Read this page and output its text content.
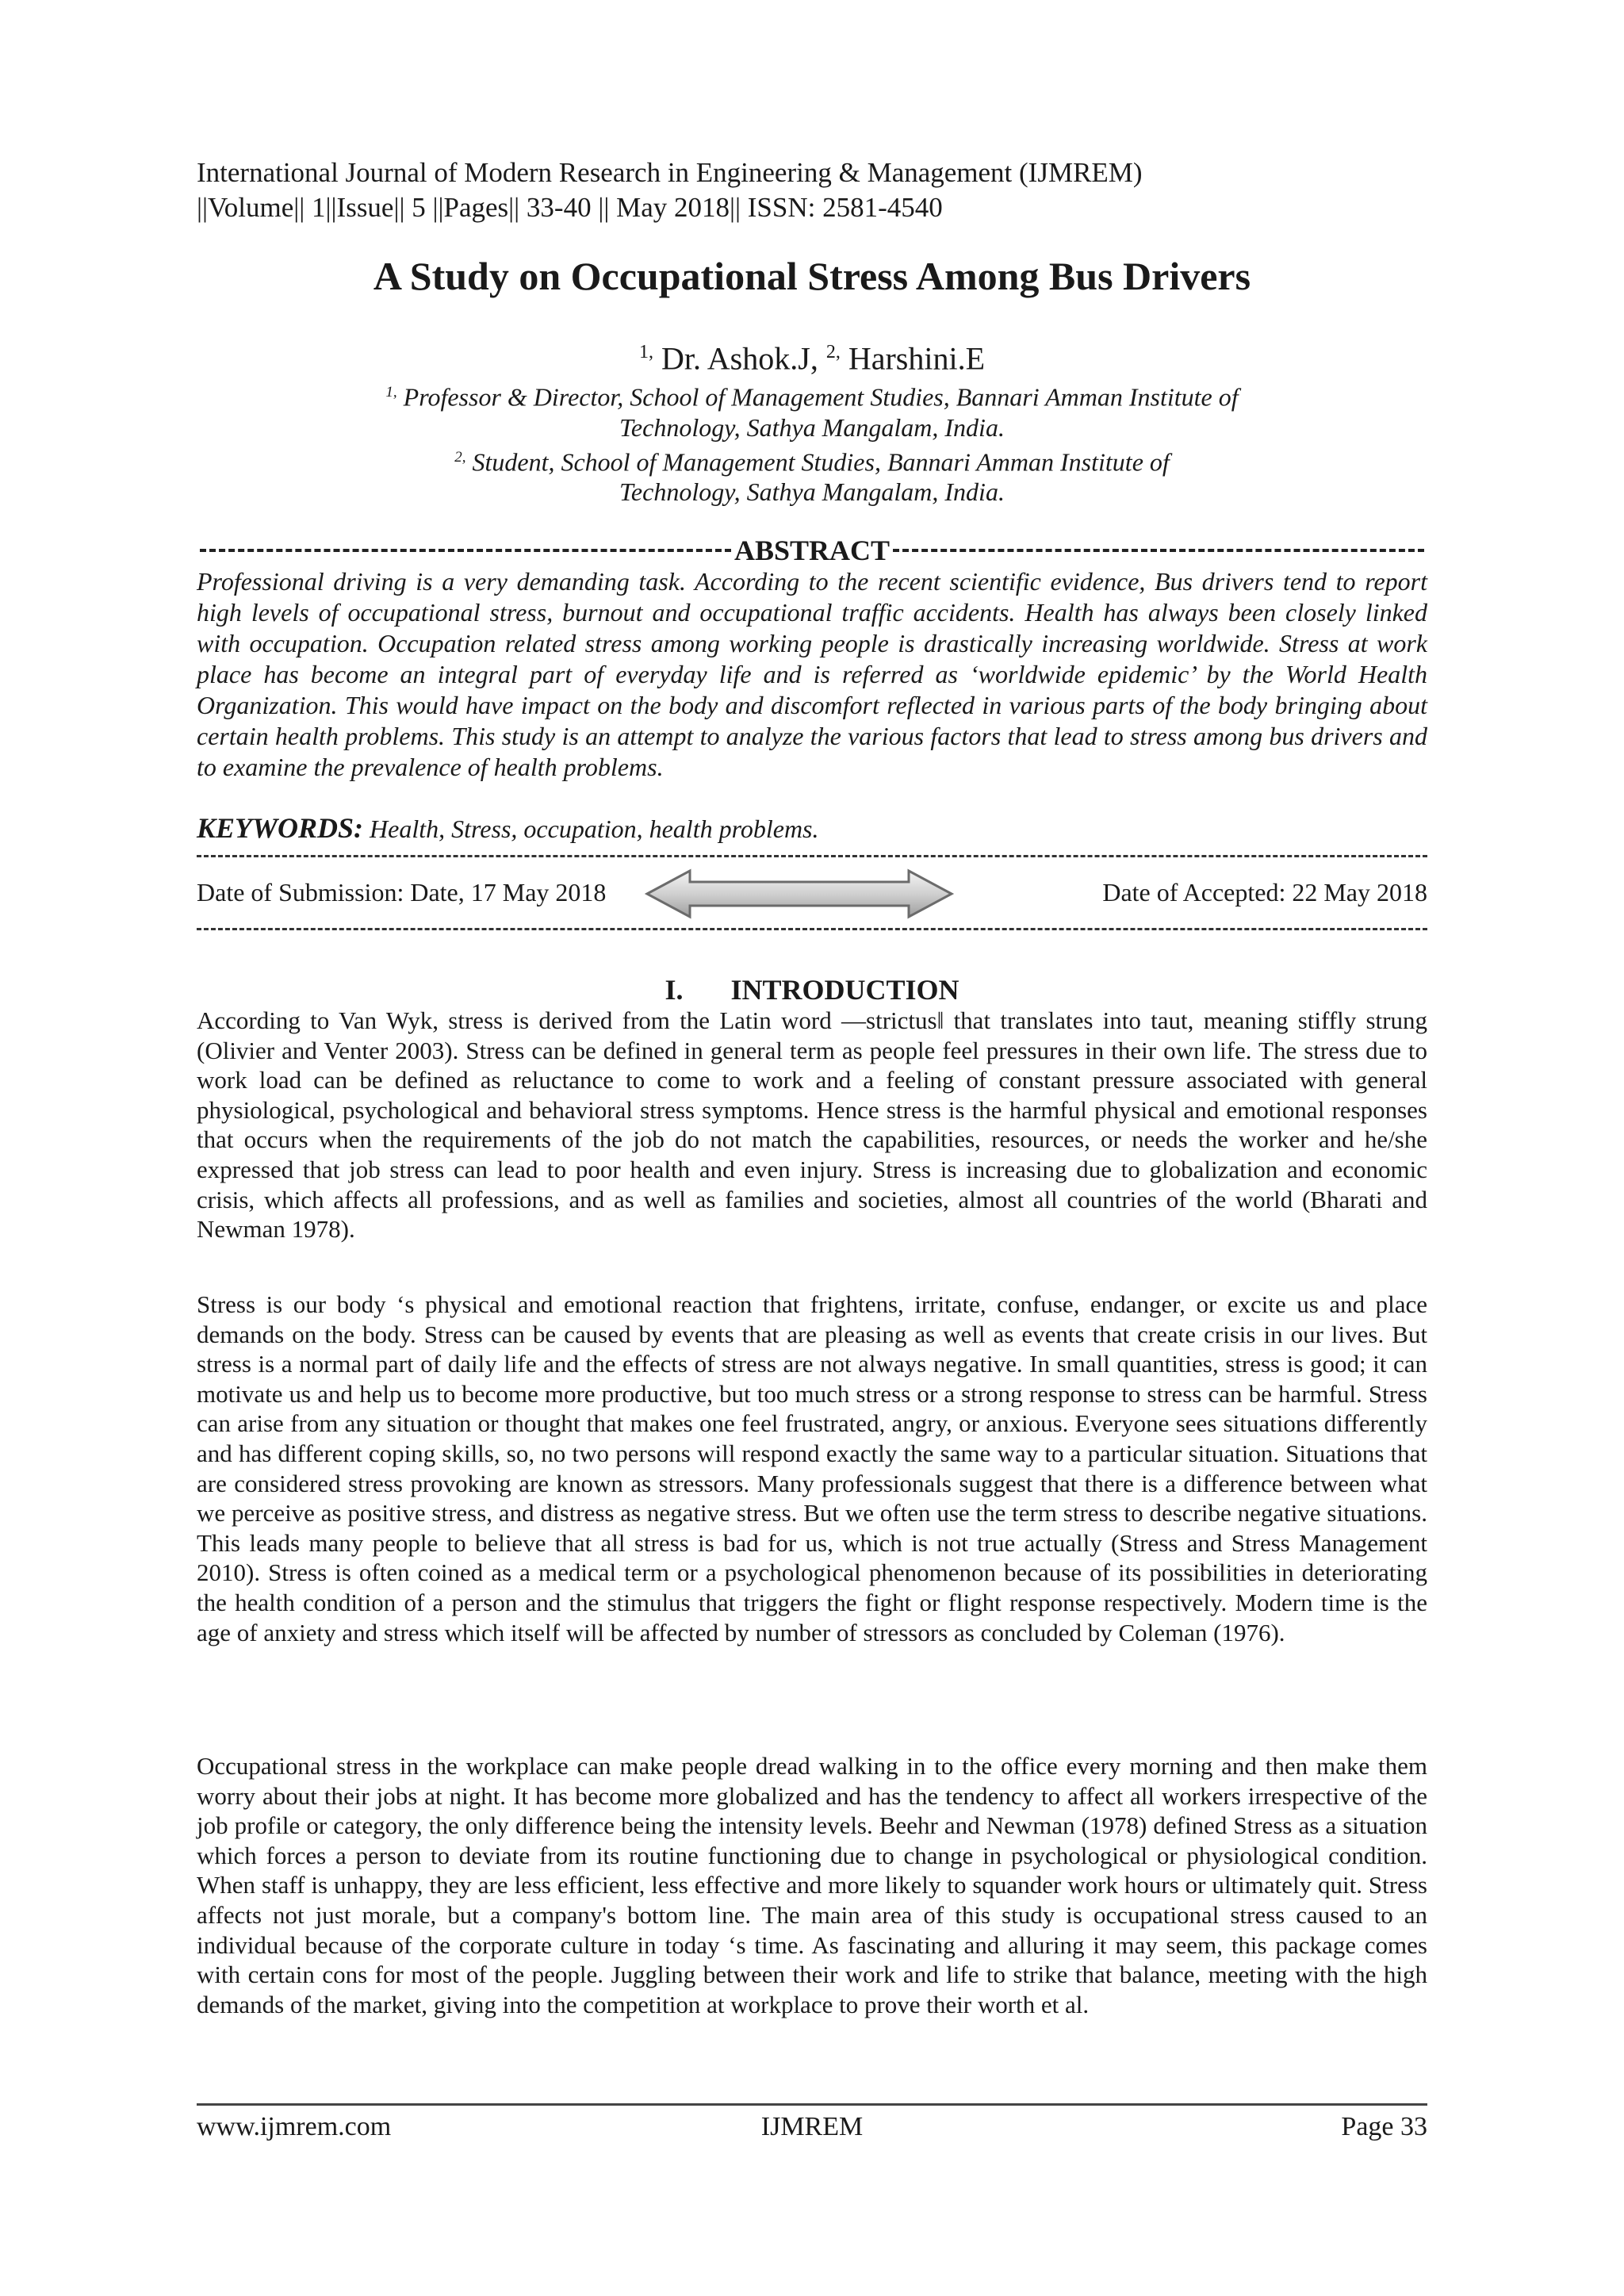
International Journal of Modern Research in Engineering & Management (IJMREM)
||Volume|| 1||Issue|| 5 ||Pages|| 33-40 || May 2018|| ISSN: 2581-4540
A Study on Occupational Stress Among Bus Drivers
$^{1,}$ Dr. Ashok.J, $^{2,}$ Harshini.E
$^{1,}$ Professor & Director, School of Management Studies, Bannari Amman Institute of
Technology, Sathya Mangalam, India.
$^{2,}$ Student, School of Management Studies, Bannari Amman Institute of
Technology, Sathya Mangalam, India.
ABSTRACT
Professional driving is a very demanding task. According to the recent scientific evidence, Bus drivers tend to report high levels of occupational stress, burnout and occupational traffic accidents. Health has always been closely linked with occupation. Occupation related stress among working people is drastically increasing worldwide. Stress at work place has become an integral part of everyday life and is referred as ‘worldwide epidemic’ by the World Health Organization. This would have impact on the body and discomfort reflected in various parts of the body bringing about certain health problems. This study is an attempt to analyze the various factors that lead to stress among bus drivers and to examine the prevalence of health problems.
KEYWORDS: Health, Stress, occupation, health problems.
Date of Submission: Date, 17 May 2018	Date of Accepted: 22 May 2018
I. INTRODUCTION
According to Van Wyk, stress is derived from the Latin word ―strictus‖ that translates into taut, meaning stiffly strung (Olivier and Venter 2003). Stress can be defined in general term as people feel pressures in their own life. The stress due to work load can be defined as reluctance to come to work and a feeling of constant pressure associated with general physiological, psychological and behavioral stress symptoms. Hence stress is the harmful physical and emotional responses that occurs when the requirements of the job do not match the capabilities, resources, or needs the worker and he/she expressed that job stress can lead to poor health and even injury. Stress is increasing due to globalization and economic crisis, which affects all professions, and as well as families and societies, almost all countries of the world (Bharati and Newman 1978).
Stress is our body ‘s physical and emotional reaction that frightens, irritate, confuse, endanger, or excite us and place demands on the body. Stress can be caused by events that are pleasing as well as events that create crisis in our lives. But stress is a normal part of daily life and the effects of stress are not always negative. In small quantities, stress is good; it can motivate us and help us to become more productive, but too much stress or a strong response to stress can be harmful. Stress can arise from any situation or thought that makes one feel frustrated, angry, or anxious. Everyone sees situations differently and has different coping skills, so, no two persons will respond exactly the same way to a particular situation. Situations that are considered stress provoking are known as stressors. Many professionals suggest that there is a difference between what we perceive as positive stress, and distress as negative stress. But we often use the term stress to describe negative situations. This leads many people to believe that all stress is bad for us, which is not true actually (Stress and Stress Management 2010). Stress is often coined as a medical term or a psychological phenomenon because of its possibilities in deteriorating the health condition of a person and the stimulus that triggers the fight or flight response respectively. Modern time is the age of anxiety and stress which itself will be affected by number of stressors as concluded by Coleman (1976).
Occupational stress in the workplace can make people dread walking in to the office every morning and then make them worry about their jobs at night. It has become more globalized and has the tendency to affect all workers irrespective of the job profile or category, the only difference being the intensity levels. Beehr and Newman (1978) defined Stress as a situation which forces a person to deviate from its routine functioning due to change in psychological or physiological condition. When staff is unhappy, they are less efficient, less effective and more likely to squander work hours or ultimately quit. Stress affects not just morale, but a company's bottom line. The main area of this study is occupational stress caused to an individual because of the corporate culture in today ‘s time. As fascinating and alluring it may seem, this package comes with certain cons for most of the people. Juggling between their work and life to strike that balance, meeting with the high demands of the market, giving into the competition at workplace to prove their worth et al.
www.ijmrem.com	IJMREM	Page 33
